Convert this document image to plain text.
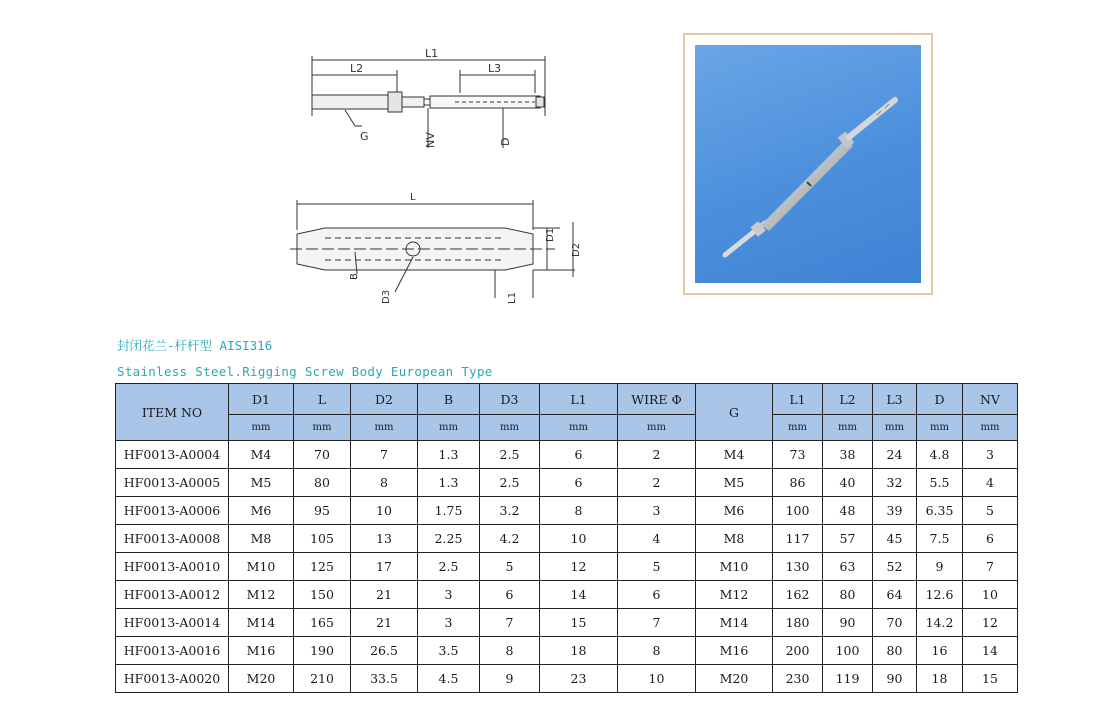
L1
L2	L3
G	NV	D
L
D1
D2
D3
B
L1
封闭花兰-杆杆型 AISI316
Stainless Steel.Rigging Screw Body European Type
ITEM NO	D1	L	D2	B	D3	L1	WIRE Φ	G	L1	L2	L3	D	NV
	mm	mm	mm	mm	mm	mm	mm		mm	mm	mm	mm	mm
HF0013-A0004	M4	70	7	1.3	2.5	6	2	M4	73	38	24	4.8	3
HF0013-A0005	M5	80	8	1.3	2.5	6	2	M5	86	40	32	5.5	4
HF0013-A0006	M6	95	10	1.75	3.2	8	3	M6	100	48	39	6.35	5
HF0013-A0008	M8	105	13	2.25	4.2	10	4	M8	117	57	45	7.5	6
HF0013-A0010	M10	125	17	2.5	5	12	5	M10	130	63	52	9	7
HF0013-A0012	M12	150	21	3	6	14	6	M12	162	80	64	12.6	10
HF0013-A0014	M14	165	21	3	7	15	7	M14	180	90	70	14.2	12
HF0013-A0016	M16	190	26.5	3.5	8	18	8	M16	200	100	80	16	14
HF0013-A0020	M20	210	33.5	4.5	9	23	10	M20	230	119	90	18	15
